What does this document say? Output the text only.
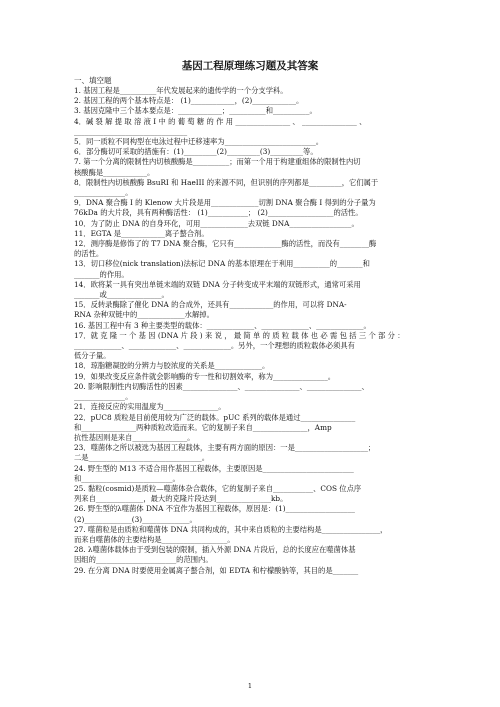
基因工程原理练习题及其答案
一、填空题
1. 基因工程是__________年代发展起来的遗传学的一个分支学科。
2. 基因工程的两个基本特点是： (1)____________，(2)____________。
3. 基因克隆中三个基本要点是：____________；__________和__________。
4．碱 裂 解 提 取 溶 液 I 中 的 葡 萄 糖 的 作 用 _______________ 、 _______________ 、
_______________________________
5．同一质粒不同构型在电泳过程中迁移速率为_________________________。
6．部分酶切可采取的措施有：(1)_________(2)_________(3)_________等。
7. 第一个分离的限制性内切核酸酶是__________；而第一个用于构建重组体的限制性内切
核酸酶是____________。
8．限制性内切核酸酶 BsuRI 和 HaeIII 的来源不同，但识别的序列都是_________，它们属于
______________。
9．DNA 聚合酶 I 的 Klenow 大片段是用_____________切割 DNA 聚合酶 I 得到的分子量为
76kDa 的大片段，具有两种酶活性： (1)___________； (2)__________________的活性。
10．为了防止 DNA 的自身环化，可用_____________去双链 DNA_________________。
11．EGTA 是____________离子螯合剂。
12．测序酶是修饰了的 T7 DNA 聚合酶，它只有_____________酶的活性，而没有________酶
的活性。
13．切口移位(nick translation)法标记 DNA 的基本原理在于利用__________的_______和
_______的作用。
14．欧将某一具有突出单链末端的双链 DNA 分子转变成平末端的双链形式，通常可采用
_______或_______________。
15．反转录酶除了催化 DNA 的合成外，还具有____________的作用，可以将 DNA-
RNA 杂种双链中的_____________水解掉。
16. 基因工程中有 3 种主要类型的载体：_____________、_____________、_____________。
17．就 克 隆 一 个 基 因 (DNA 片 段 ) 来 说 ， 最 简 单 的 质 粒 载 体 也 必 需 包 括 三 个 部 分 ：
_____________、_____________、_____________。另外，一个理想的质粒载体必须具有
低分子量。
18．琼脂糖凝胶的分辨力与胶浓度的关系是_____________。
19．如果改变反应条件就会影响酶的专一性和切割效率，称为_______________。
20. 影响限制性内切酶活性的因素_______________、_______________、_______________、
______________。
21．连接反应的实用温度为_______________。
22．pUC8 质粒是目前使用较为广泛的载体。pUC 系列的载体是通过_______________
和_______________两种质粒改造而来。它的复制子来自_______________，Amp
抗性基因则是来自_______________。
23．噬菌体之所以被选为基因工程载体，主要有两方面的原因：一是____________________；
二是_______________________________。
24. 野生型的 M13 不适合用作基因工程载体，主要原因是_________________________
和_________________________。
25. 黏粒(cosmid)是质粒—噬菌体杂合载体，它的复制子来自___________、COS 位点序
列来自_____________，最大的克隆片段达到_______________kb。
26. 野生型的λ噬菌体 DNA 不宜作为基因工程载体，原因是：(1)___________________
(2)_____________(3)_____________。
27. 噬菌粒是由质粒和噬菌体 DNA 共同构成的，其中来自质粒的主要结构是________________，
而来自噬菌体的主要结构是__________________。
28. λ噬菌体载体由于受到包装的限制，插入外源 DNA 片段后，总的长度应在噬菌体基
因组的______________________的范围内。
29. 在分离 DNA 时要使用金属离子螯合剂，如 EDTA 和柠檬酸钠等，其目的是_______
1
